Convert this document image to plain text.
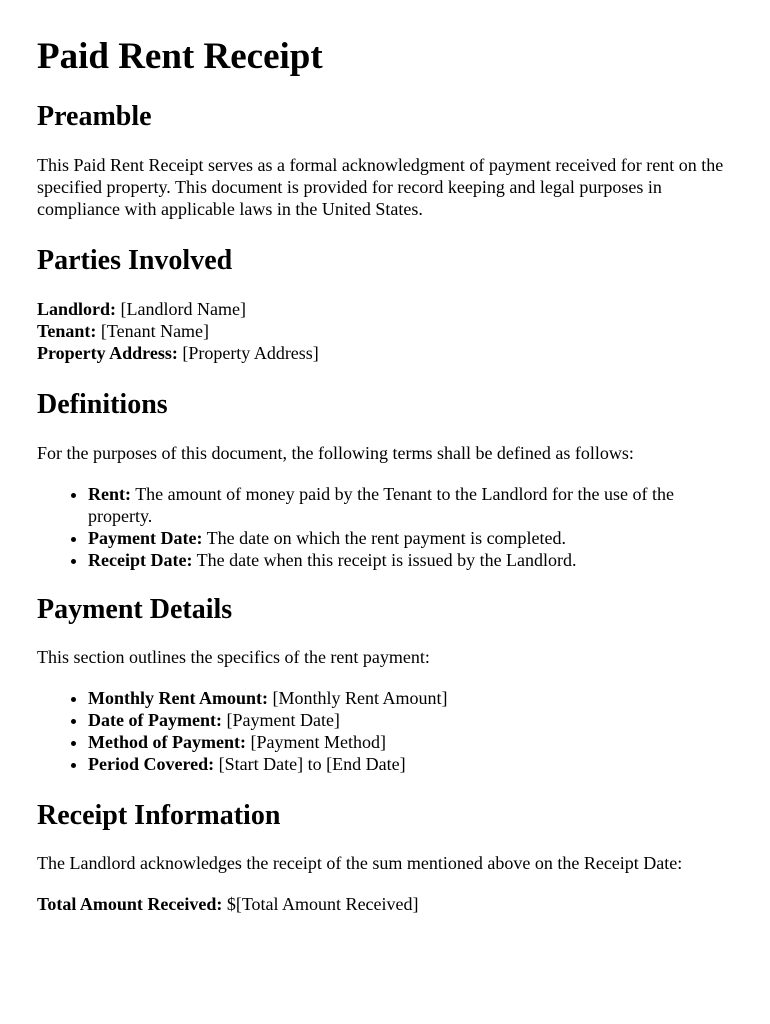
Paid Rent Receipt
Preamble

This Paid Rent Receipt serves as a formal acknowledgment of payment received for rent on the specified property. This document is provided for record keeping and legal purposes in compliance with applicable laws in the United States.

Parties Involved

Landlord: [Landlord Name]
Tenant: [Tenant Name]
Property Address: [Property Address]

Definitions

For the purposes of this document, the following terms shall be defined as follows:

• Rent: The amount of money paid by the Tenant to the Landlord for the use of the property.
• Payment Date: The date on which the rent payment is completed.
• Receipt Date: The date when this receipt is issued by the Landlord.
Payment Details

This section outlines the specifics of the rent payment:

• Monthly Rent Amount: [Monthly Rent Amount]
• Date of Payment: [Payment Date]
• Method of Payment: [Payment Method]
• Period Covered: [Start Date] to [End Date]
Receipt Information

The Landlord acknowledges the receipt of the sum mentioned above on the Receipt Date:

Total Amount Received: $[Total Amount Received]
